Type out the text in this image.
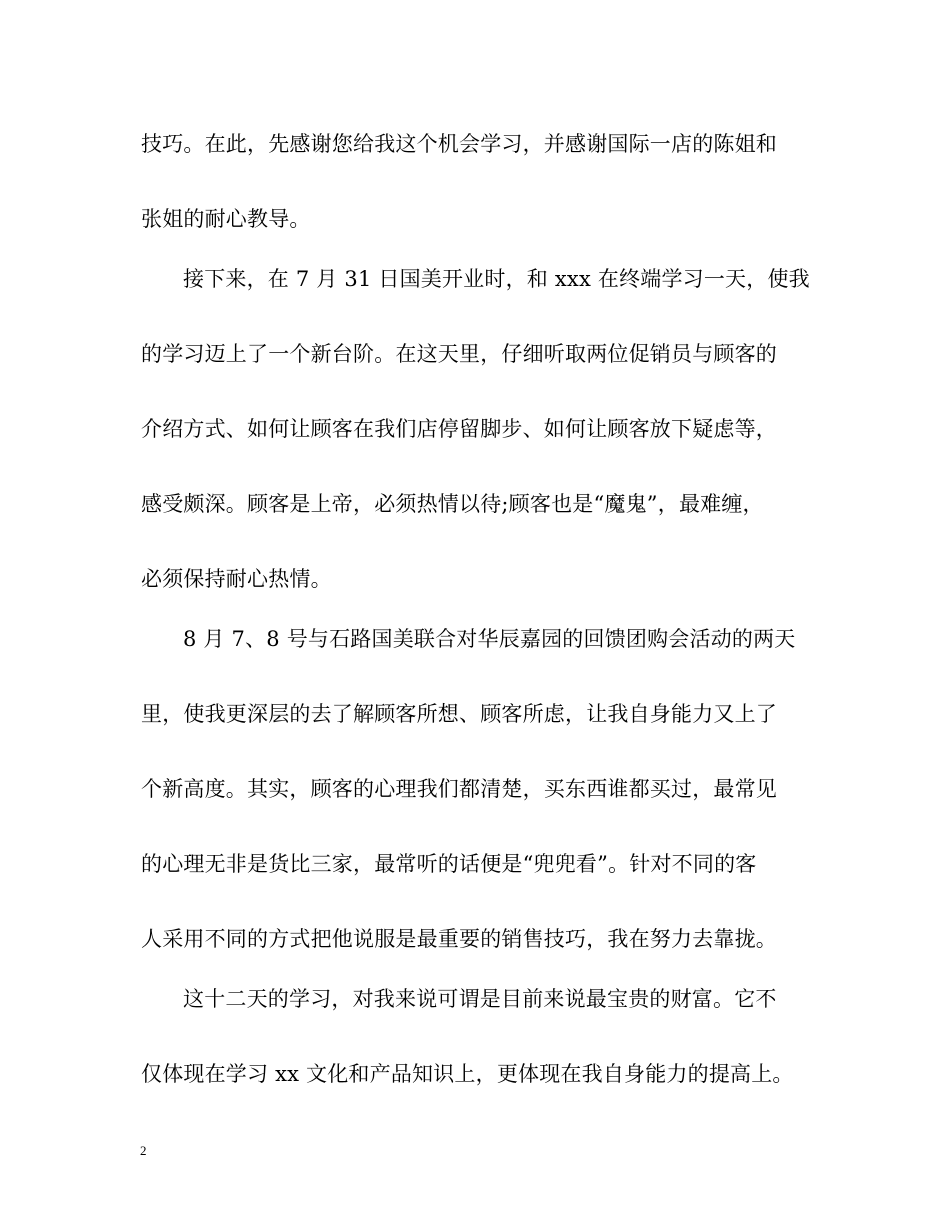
技巧。在此，先感谢您给我这个机会学习，并感谢国际一店的陈姐和
张姐的耐心教导。
接下来，在 7 月 31 日国美开业时，和 xxx 在终端学习一天，使我
的学习迈上了一个新台阶。在这天里，仔细听取两位促销员与顾客的
介绍方式、如何让顾客在我们店停留脚步、如何让顾客放下疑虑等，
感受颇深。顾客是上帝，必须热情以待;顾客也是“魔鬼”，最难缠，
必须保持耐心热情。
8 月 7、8 号与石路国美联合对华辰嘉园的回馈团购会活动的两天
里，使我更深层的去了解顾客所想、顾客所虑，让我自身能力又上了
个新高度。其实，顾客的心理我们都清楚，买东西谁都买过，最常见
的心理无非是货比三家，最常听的话便是“兜兜看”。针对不同的客
人采用不同的方式把他说服是最重要的销售技巧，我在努力去靠拢。
这十二天的学习，对我来说可谓是目前来说最宝贵的财富。它不
仅体现在学习 xx 文化和产品知识上，更体现在我自身能力的提高上。
2
